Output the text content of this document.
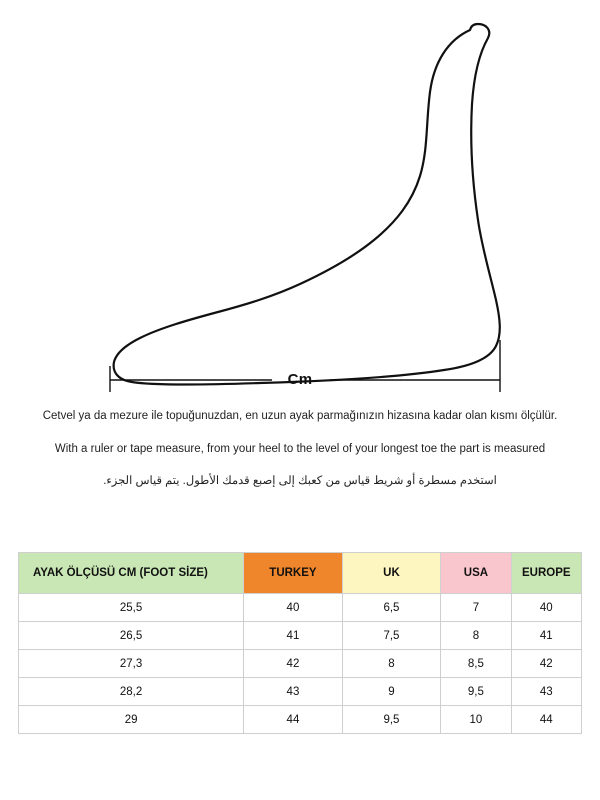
Cm

Cetvel ya da mezure ile topuğunuzdan, en uzun ayak parmağınızın hizasına kadar olan kısmı ölçülür.

With a ruler or tape measure, from your heel to the level of your longest toe the part is measured

استخدم مسطرة أو شريط قياس من كعبك إلى إصبع قدمك الأطول. يتم قياس الجزء.

AYAK ÖLÇÜSÜ CM (FOOT SİZE)	TURKEY	UK	USA	EUROPE
25,5	40	6,5	7	40
26,5	41	7,5	8	41
27,3	42	8	8,5	42
28,2	43	9	9,5	43
29	44	9,5	10	44
